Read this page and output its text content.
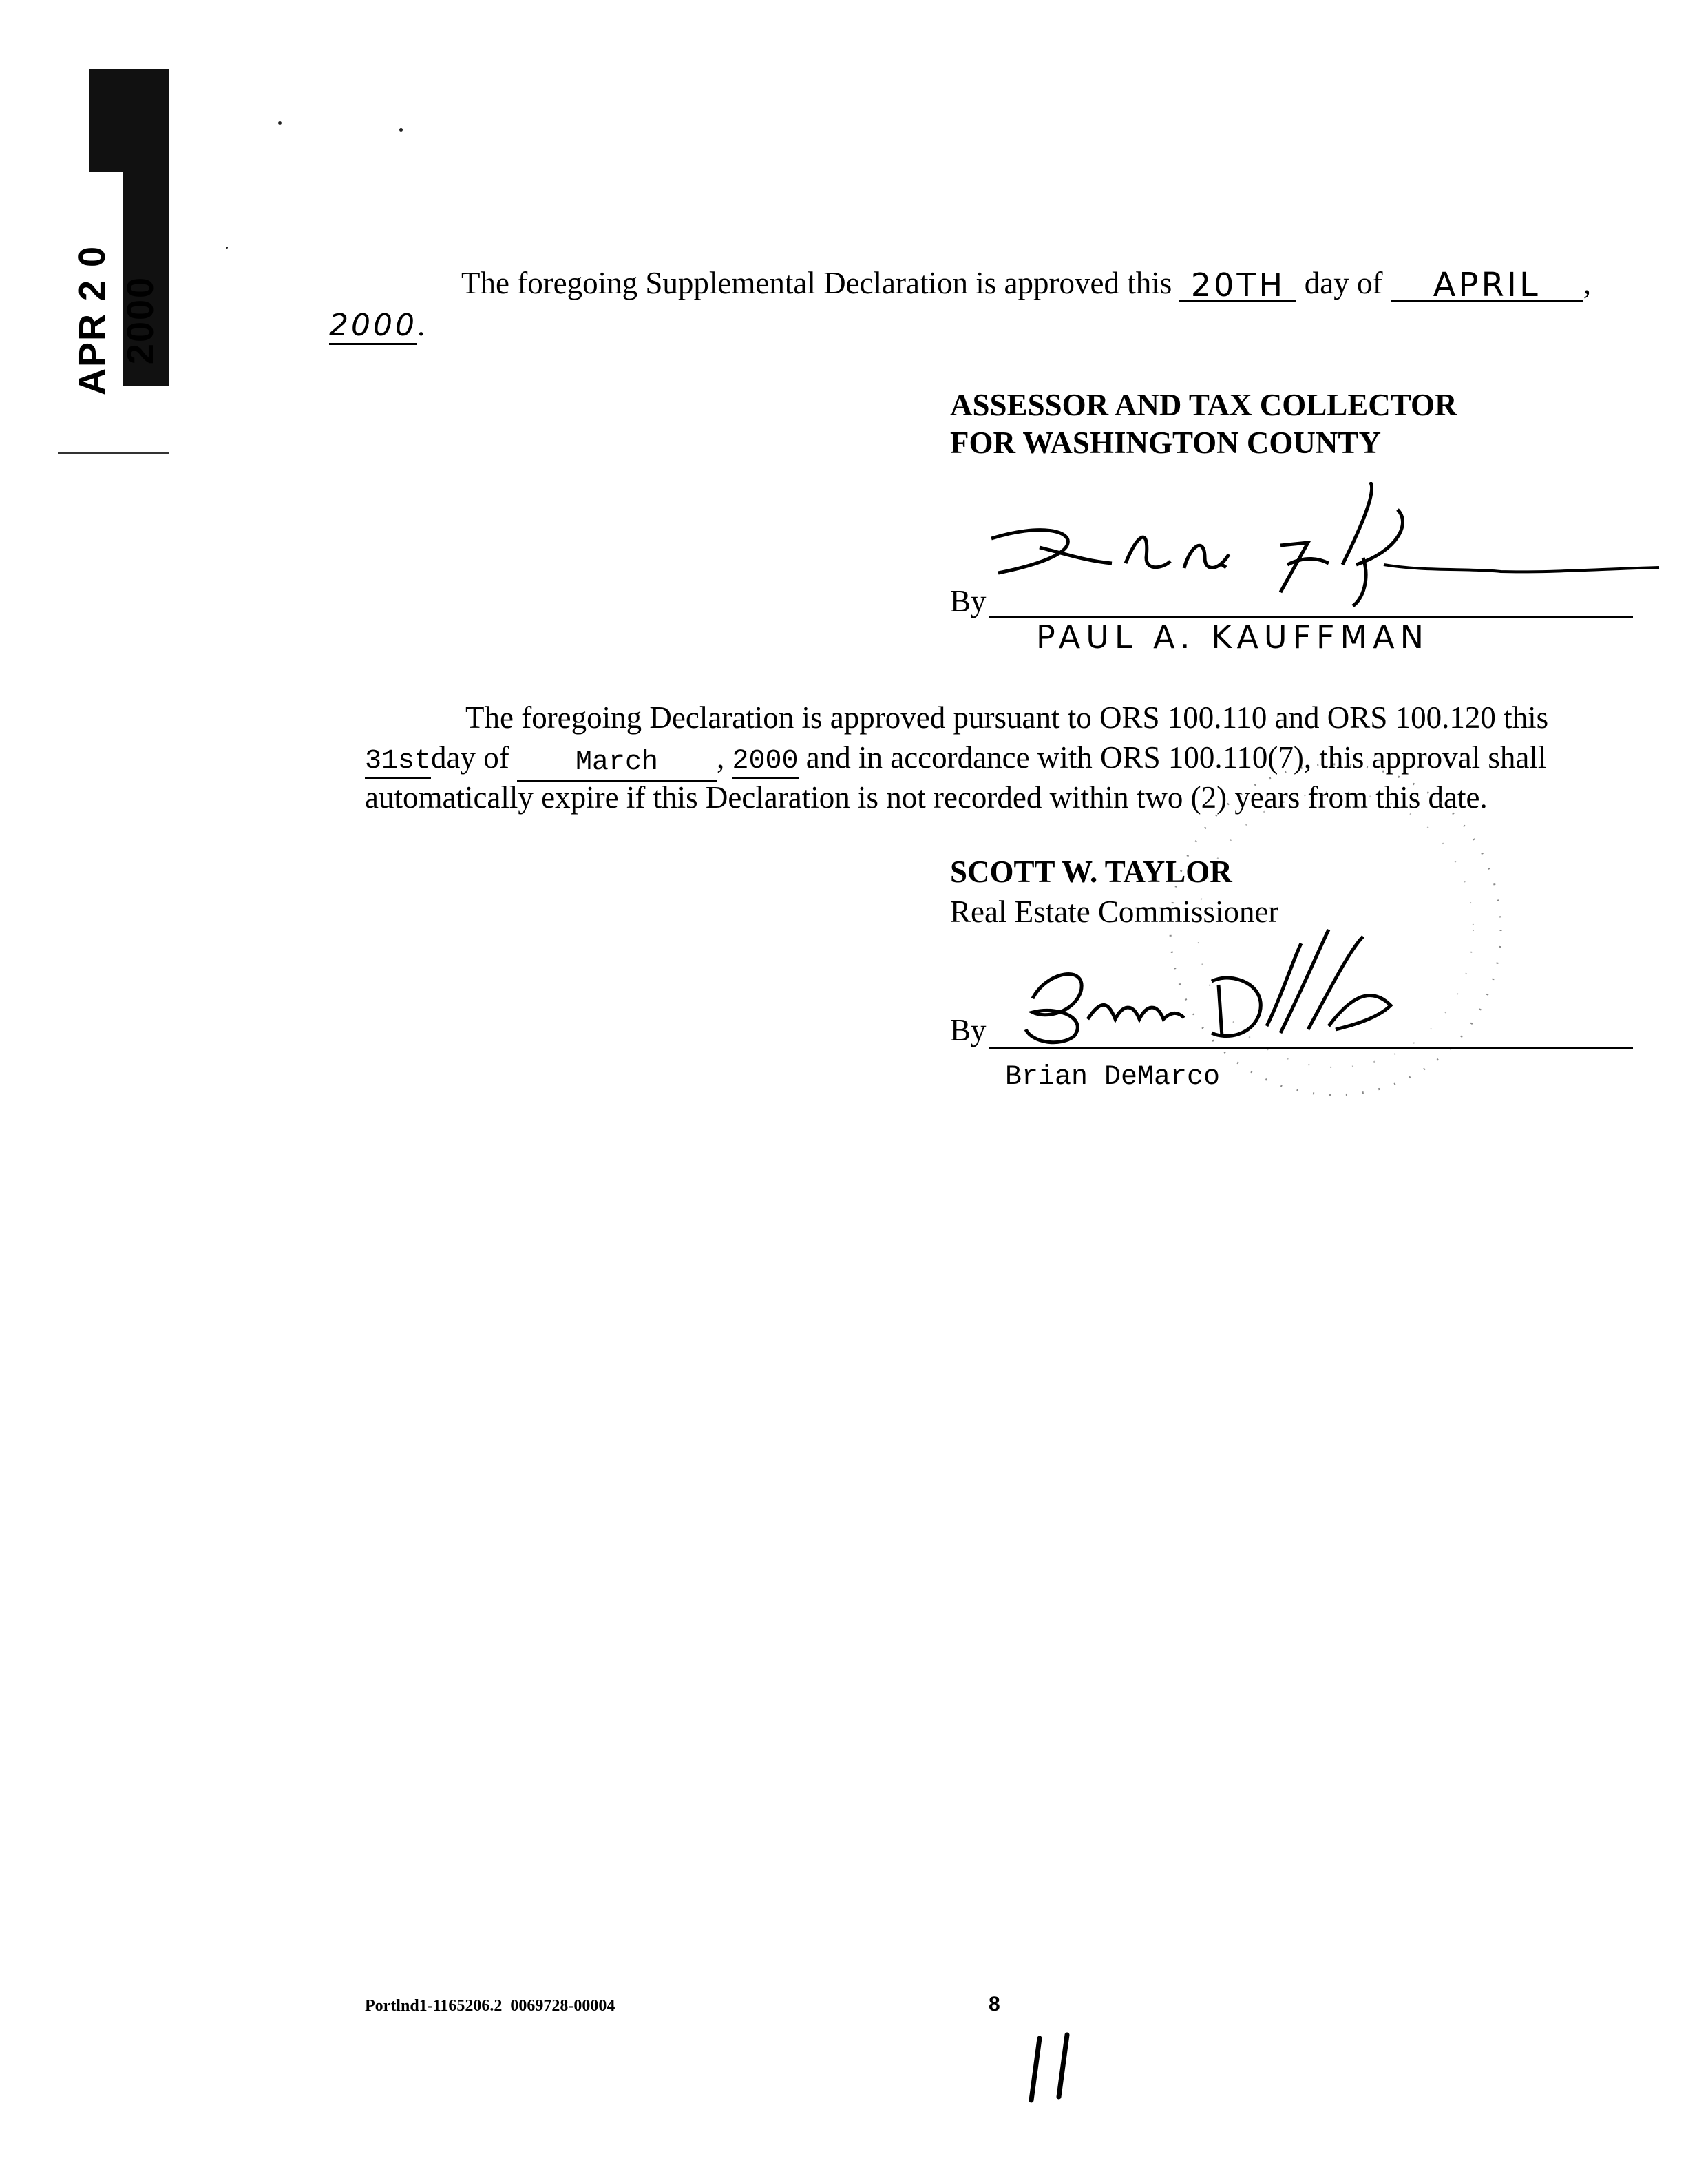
APR 2 0 2000	The foregoing Supplemental Declaration is approved this 20TH day of APRIL ,
2000.
ASSESSOR AND TAX COLLECTOR
FOR WASHINGTON COUNTY
By
PAUL A. KAUFFMAN
The foregoing Declaration is approved pursuant to ORS 100.110 and ORS 100.120 this
31stday of March , 2000 and in accordance with ORS 100.110(7), this approval shall
automatically expire if this Declaration is not recorded within two (2) years from this date.
SCOTT W. TAYLOR
Real Estate Commissioner
By
Brian DeMarco
Portlnd1-1165206.2  0069728-00004	8
